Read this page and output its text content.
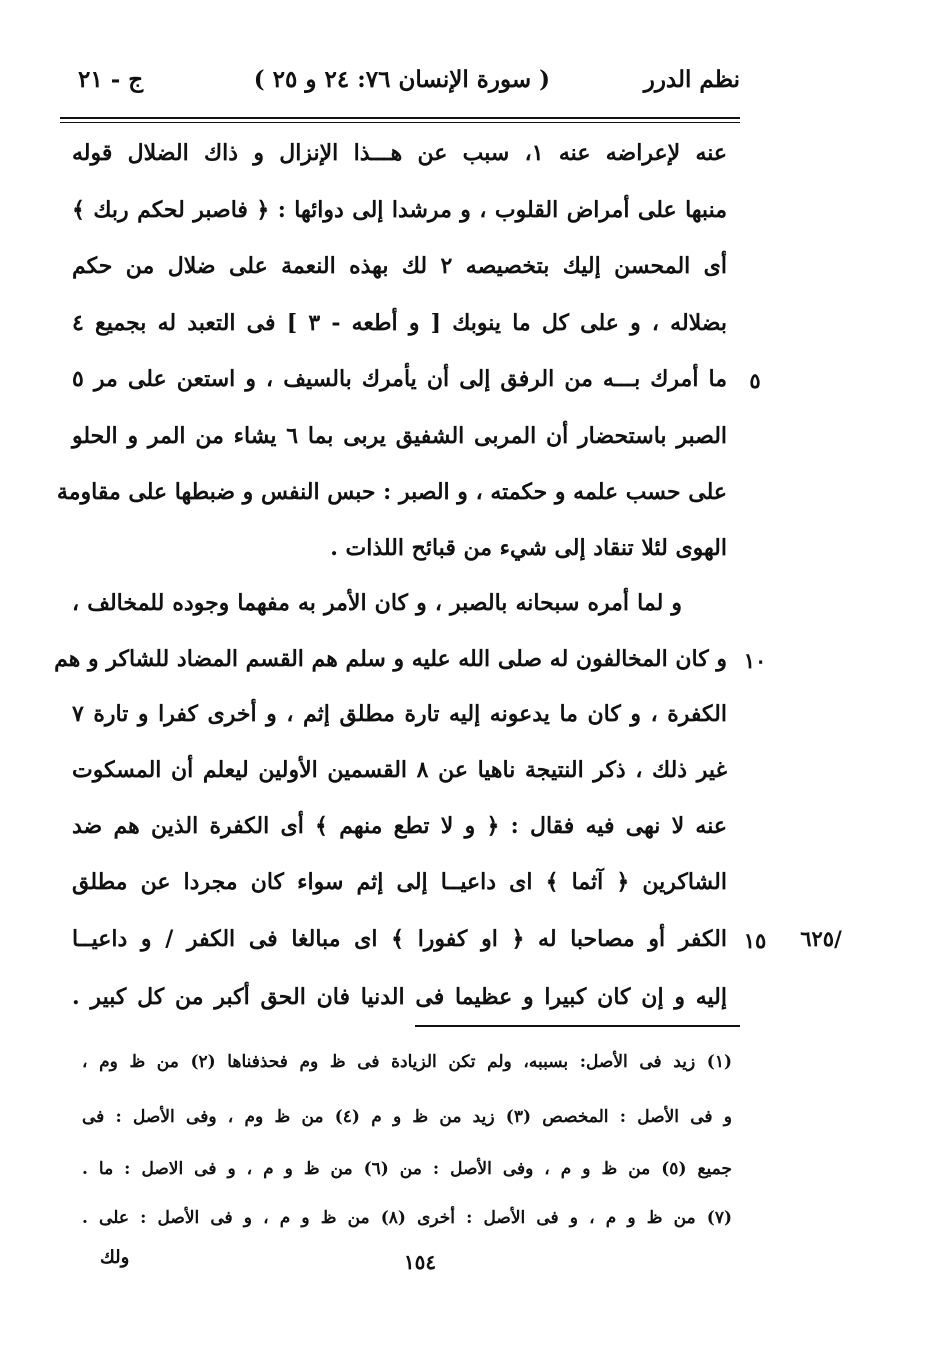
نظم الدرر
( سورة الإنسان ٧٦: ٢٤ و ٢٥ )
ج - ٢١
عنه لإعراضه عنه ١، سبب عن هـــذا الإنزال و ذاك الضلال قوله
منبها على أمراض القلوب ، و مرشدا إلى دوائها : ﴿ فاصبر لحكم ربك ﴾
أى المحسن إليك بتخصيصه ٢ لك بهذه النعمة على ضلال من حكم
بضلاله ، و على كل ما ينوبك [ و أطعه - ٣ ] فى التعبد له بجميع ٤
ما أمرك بـــه من الرفق إلى أن يأمرك بالسيف ، و استعن على مر ٥
الصبر باستحضار أن المربى الشفيق يربى بما ٦ يشاء من المر و الحلو
على حسب علمه و حكمته ، و الصبر : حبس النفس و ضبطها على مقاومة
الهوى لئلا تنقاد إلى شيء من قبائح اللذات .
و لما أمره سبحانه بالصبر ، و كان الأمر به مفهما وجوده للمخالف ،
و كان المخالفون له صلى الله عليه و سلم هم القسم المضاد للشاكر و هم
الكفرة ، و كان ما يدعونه إليه تارة مطلق إثم ، و أخرى كفرا و تارة ٧
غير ذلك ، ذكر النتيجة ناهيا عن ٨ القسمين الأولين ليعلم أن المسكوت
عنه لا نهى فيه فقال : ﴿ و لا تطع منهم ﴾ أى الكفرة الذين هم ضد
الشاكرين ﴿ آثما ﴾ اى داعيــا إلى إثم سواء كان مجردا عن مطلق
الكفر أو مصاحبا له ﴿ او كفورا ﴾ اى مبالغا فى الكفر / و داعيــا
إليه و إن كان كبيرا و عظيما فى الدنيا فان الحق أكبر من كل كبير .
٥
١٠
١٥ ٦٢٥/
(١) زيد فى الأصل: بسببه، ولم تكن الزيادة فى ظ وم فحذفناها (٢) من ظ وم ،
و فى الأصل : المخصص (٣) زيد من ظ و م (٤) من ظ وم ، وفى الأصل : فى
جميع (٥) من ظ و م ، وفى الأصل : من (٦) من ظ و م ، و فى الاصل : ما .
(٧) من ظ و م ، و فى الأصل : أخرى (٨) من ظ و م ، و فى الأصل : على .
ولك	١٥٤
